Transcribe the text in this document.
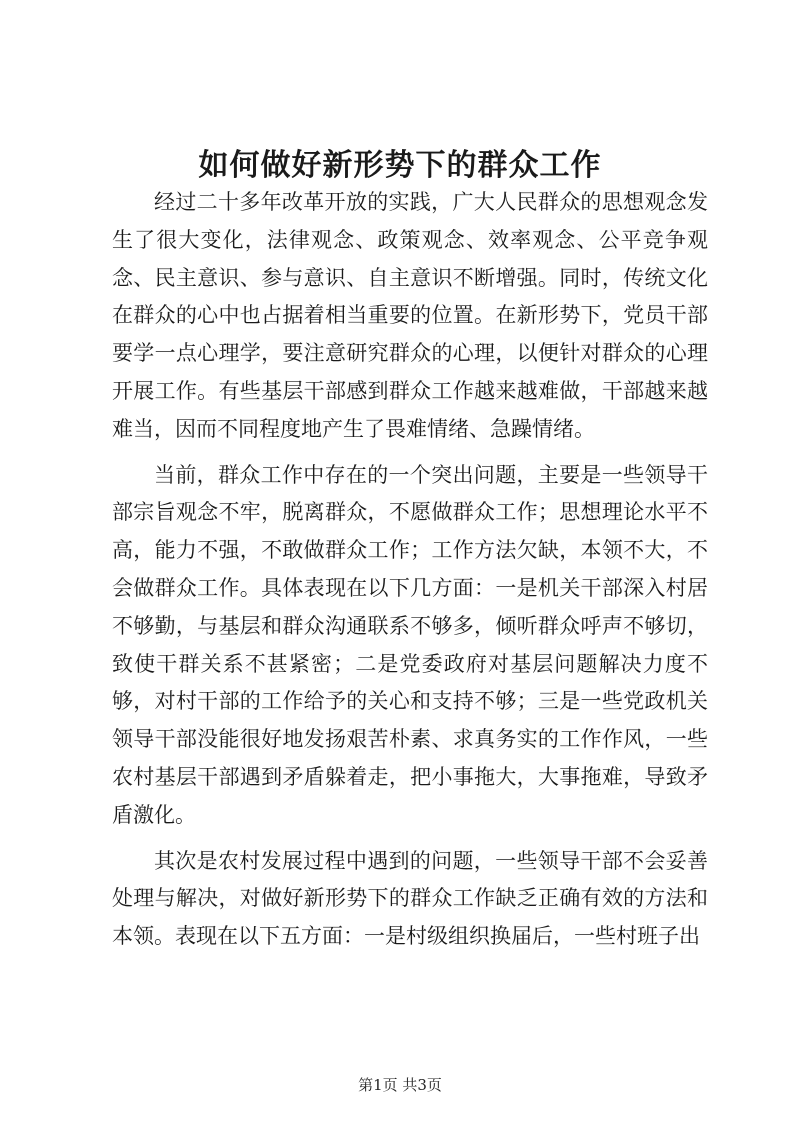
如何做好新形势下的群众工作

经过二十多年改革开放的实践，广大人民群众的思想观念发生了很大变化，法律观念、政策观念、效率观念、公平竞争观念、民主意识、参与意识、自主意识不断增强。同时，传统文化在群众的心中也占据着相当重要的位置。在新形势下，党员干部要学一点心理学，要注意研究群众的心理，以便针对群众的心理开展工作。有些基层干部感到群众工作越来越难做，干部越来越难当，因而不同程度地产生了畏难情绪、急躁情绪。

当前，群众工作中存在的一个突出问题，主要是一些领导干部宗旨观念不牢，脱离群众，不愿做群众工作；思想理论水平不高，能力不强，不敢做群众工作；工作方法欠缺，本领不大，不会做群众工作。具体表现在以下几方面：一是机关干部深入村居不够勤，与基层和群众沟通联系不够多，倾听群众呼声不够切，致使干群关系不甚紧密；二是党委政府对基层问题解决力度不够，对村干部的工作给予的关心和支持不够；三是一些党政机关领导干部没能很好地发扬艰苦朴素、求真务实的工作作风，一些农村基层干部遇到矛盾躲着走，把小事拖大，大事拖难，导致矛盾激化。

其次是农村发展过程中遇到的问题，一些领导干部不会妥善处理与解决，对做好新形势下的群众工作缺乏正确有效的方法和本领。表现在以下五方面：一是村级组织换届后，一些村班子出

第1页 共3页
